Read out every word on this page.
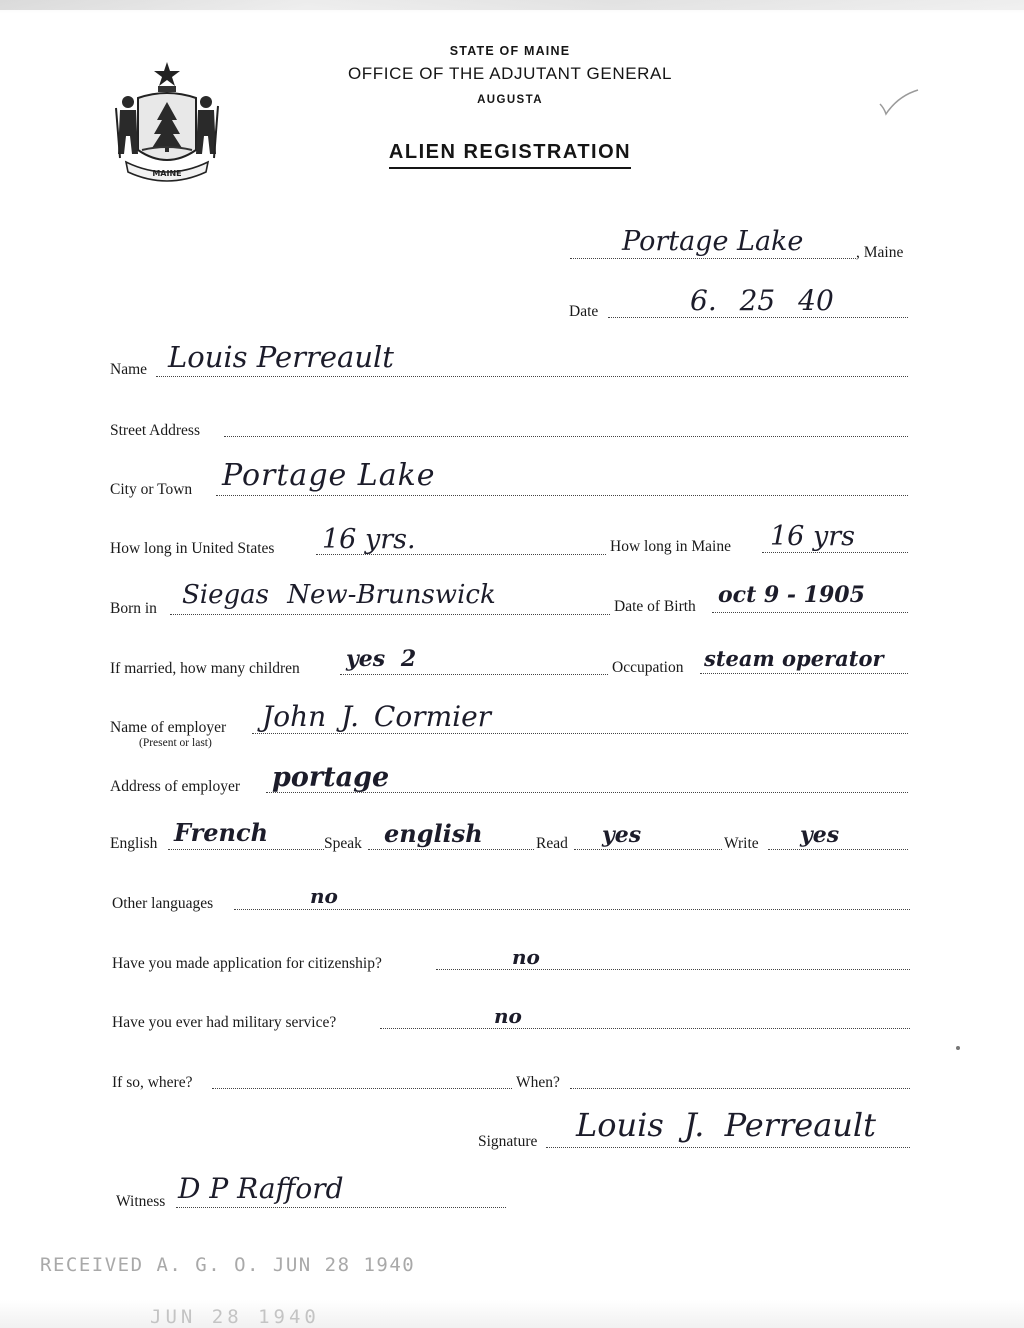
MAINE
STATE OF MAINE
OFFICE OF THE ADJUTANT GENERAL
AUGUSTA
ALIEN REGISTRATION
Portage Lake	, Maine
Date	6. 25 40
Name Louis Perreault
Street Address
City or Town Portage Lake
How long in United States 16 yrs.	How long in Maine 16 yrs
Born in Siegas New-Brunswick	Date of Birth oct 9 - 1905
If married, how many children yes 2	Occupation steam operator
Name of employer
(Present or last)
John J. Cormier
Address of employer portage
English French	Speak english	Read yes	Write yes
Other languages	no
Have you made application for citizenship?	no
Have you ever had military service?	no
If so, where?	When?
Signature Louis J. Perreault
Witness D P Rafford
RECEIVED A. G. O. JUN 28 1940
JUN 28 1940
